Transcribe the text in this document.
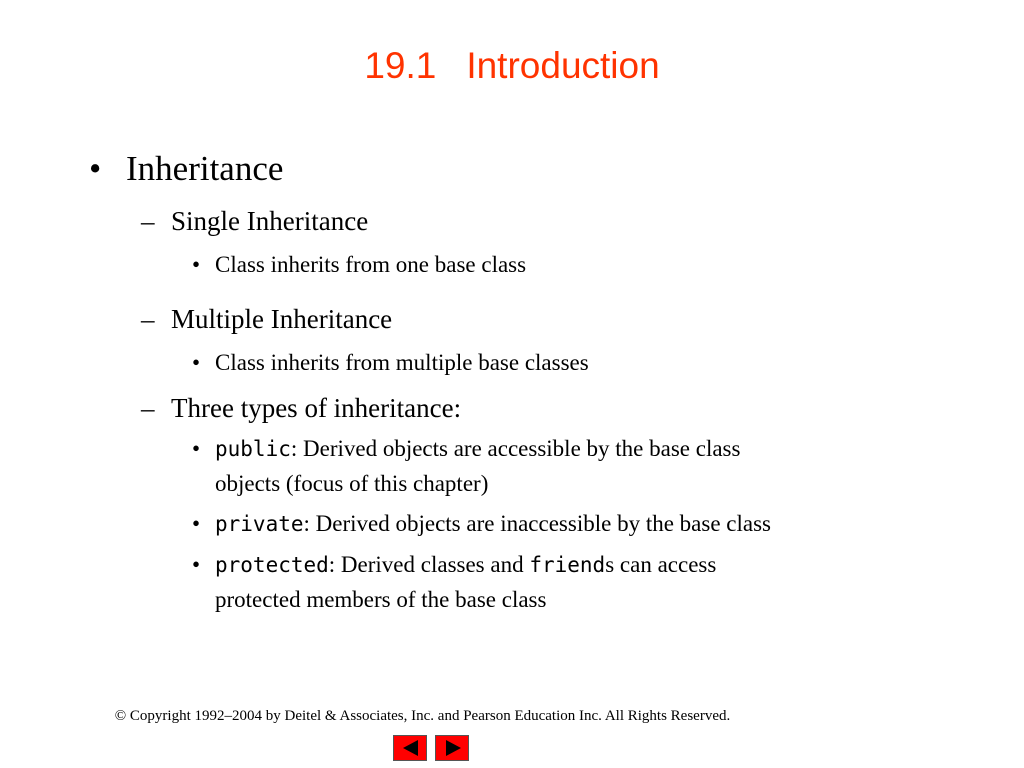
19.1 Introduction
• Inheritance
– Single Inheritance
• Class inherits from one base class
– Multiple Inheritance
• Class inherits from multiple base classes
– Three types of inheritance:
• public: Derived objects are accessible by the base class
objects (focus of this chapter)
• private: Derived objects are inaccessible by the base class
• protected: Derived classes and friends can access
protected members of the base class
© Copyright 1992–2004 by Deitel & Associates, Inc. and Pearson Education Inc. All Rights Reserved.
